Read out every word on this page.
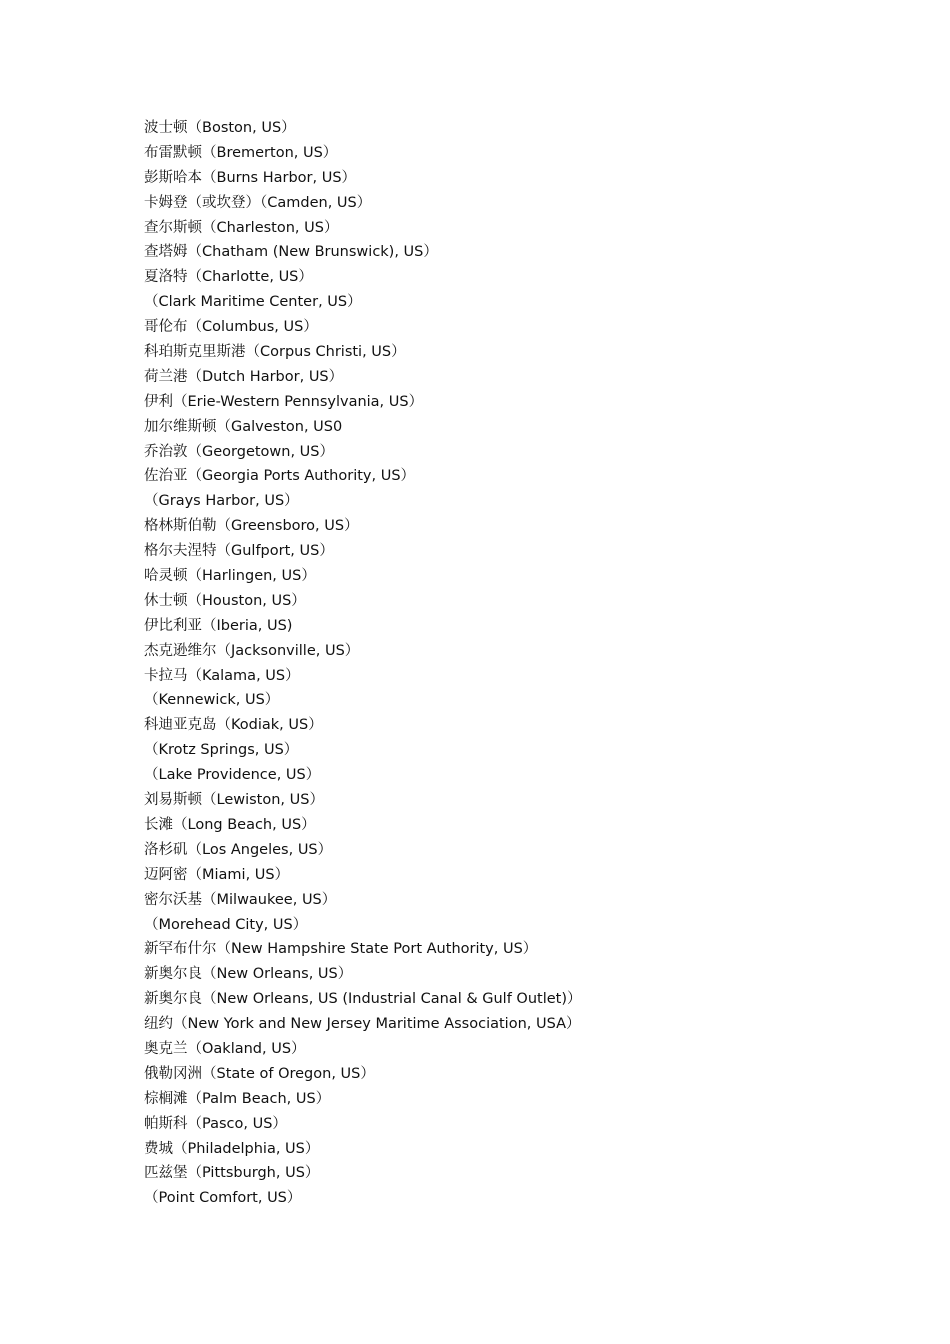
波士顿（Boston, US）
布雷默顿（Bremerton, US）
彭斯哈本（Burns Harbor, US）
卡姆登（或坎登）（Camden, US）
查尔斯顿（Charleston, US）
查塔姆（Chatham (New Brunswick), US）
夏洛特（Charlotte, US）
（Clark Maritime Center, US）
哥伦布（Columbus, US）
科珀斯克里斯港（Corpus Christi, US）
荷兰港（Dutch Harbor, US）
伊利（Erie-Western Pennsylvania, US）
加尔维斯顿（Galveston, US0
乔治敦（Georgetown, US）
佐治亚（Georgia Ports Authority, US）
（Grays Harbor, US）
格林斯伯勒（Greensboro, US）
格尔夫涅特（Gulfport, US）
哈灵顿（Harlingen, US）
休士顿（Houston, US）
伊比利亚（Iberia, US)
杰克逊维尔（Jacksonville, US）
卡拉马（Kalama, US）
（Kennewick, US）
科迪亚克岛（Kodiak, US）
（Krotz Springs, US）
（Lake Providence, US）
刘易斯顿（Lewiston, US）
长滩（Long Beach, US）
洛杉矶（Los Angeles, US）
迈阿密（Miami, US）
密尔沃基（Milwaukee, US）
（Morehead City, US）
新罕布什尔（New Hampshire State Port Authority, US）
新奥尔良（New Orleans, US）
新奥尔良（New Orleans, US (Industrial Canal & Gulf Outlet)）
纽约（New York and New Jersey Maritime Association, USA）
奥克兰（Oakland, US）
俄勒冈洲（State of Oregon, US）
棕榈滩（Palm Beach, US）
帕斯科（Pasco, US）
费城（Philadelphia, US）
匹兹堡（Pittsburgh, US）
（Point Comfort, US）
